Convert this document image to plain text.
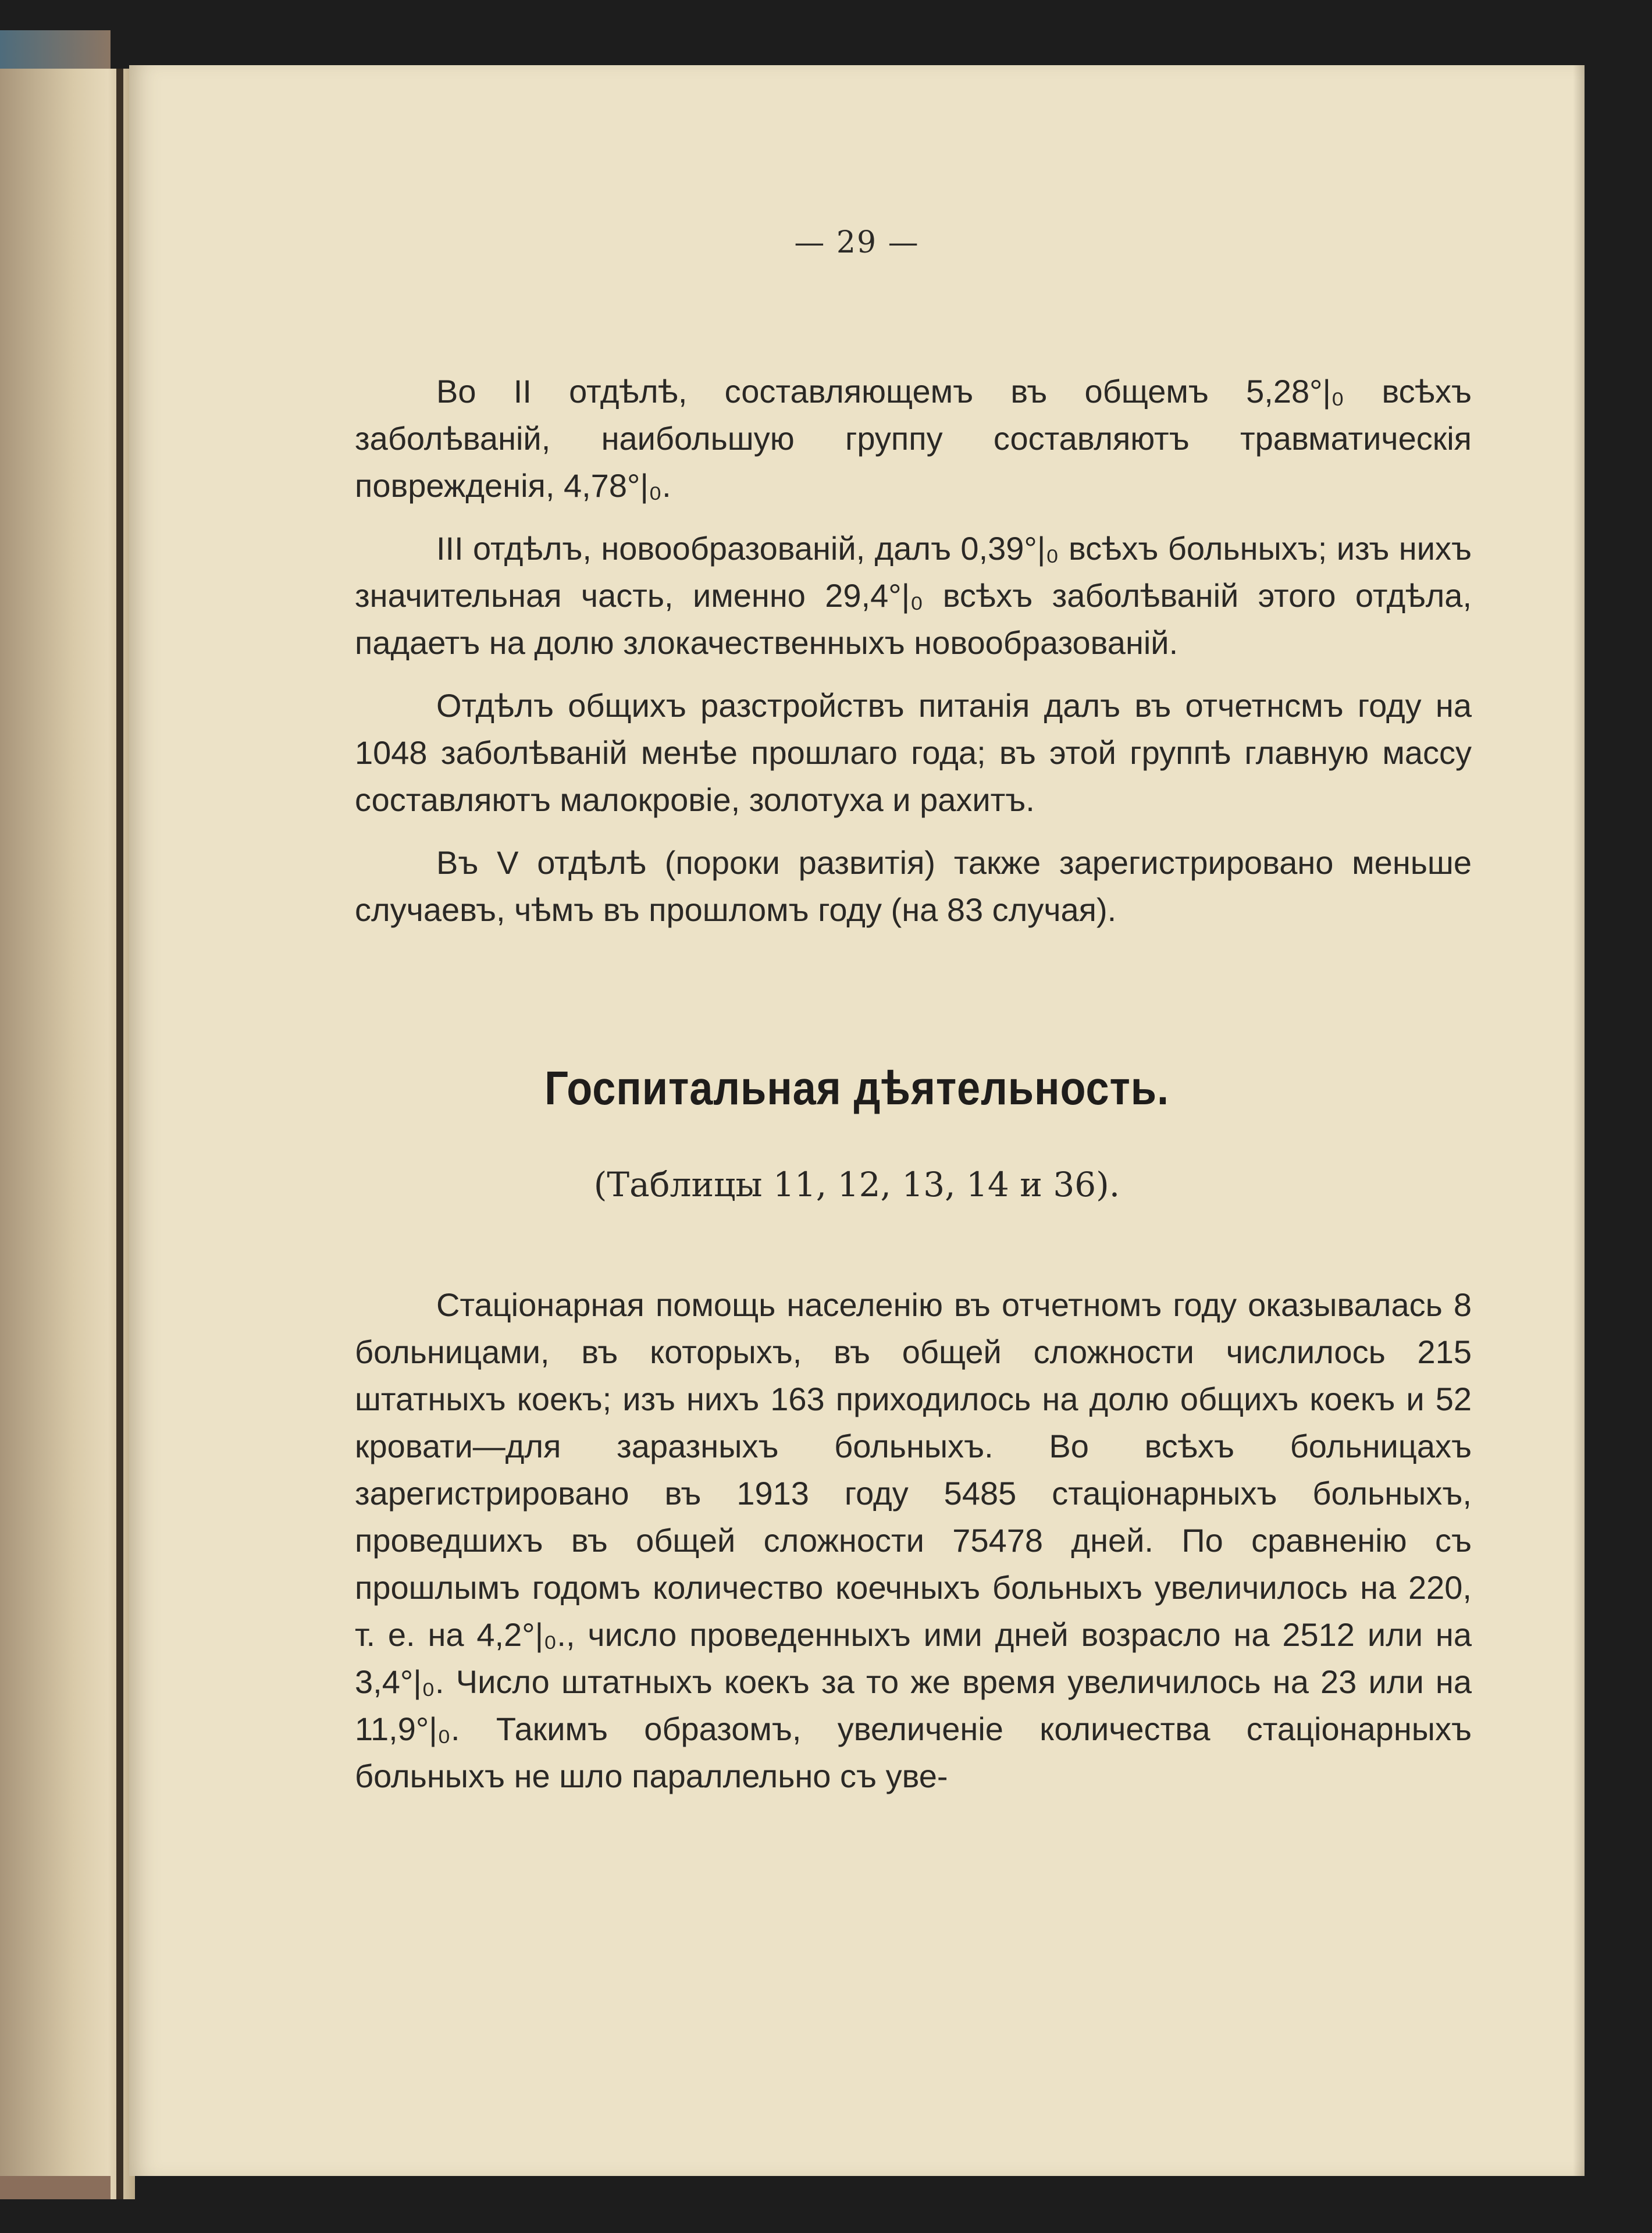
— 29 —

Во II отдѣлѣ, составляющемъ въ общемъ 5,28°|₀ всѣхъ заболѣваній, наибольшую группу составляютъ травматическія поврежденія, 4,78°|₀.

III отдѣлъ, новообразованій, далъ 0,39°|₀ всѣхъ больныхъ; изъ нихъ значительная часть, именно 29,4°|₀ всѣхъ заболѣваній этого отдѣла, падаетъ на долю злокачественныхъ новообразованій.

Отдѣлъ общихъ разстройствъ питанія далъ въ отчетнсмъ году на 1048 заболѣваній менѣе прошлаго года; въ этой группѣ главную массу составляютъ малокровіе, золотуха и рахитъ.

Въ V отдѣлѣ (пороки развитія) также зарегистрировано меньше случаевъ, чѣмъ въ прошломъ году (на 83 случая).

Госпитальная дѣятельность.
(Таблицы 11, 12, 13, 14 и 36).

Стаціонарная помощь населенію въ отчетномъ году оказывалась 8 больницами, въ которыхъ, въ общей сложности числилось 215 штатныхъ коекъ; изъ нихъ 163 приходилось на долю общихъ коекъ и 52 кровати—для заразныхъ больныхъ. Во всѣхъ больницахъ зарегистрировано въ 1913 году 5485 стаціонарныхъ больныхъ, проведшихъ въ общей сложности 75478 дней. По сравненію съ прошлымъ годомъ количество коечныхъ больныхъ увеличилось на 220, т. е. на 4,2°|₀., число проведенныхъ ими дней возрасло на 2512 или на 3,4°|₀. Число штатныхъ коекъ за то же время увеличилось на 23 или на 11,9°|₀. Такимъ образомъ, увеличеніе количества стаціонарныхъ больныхъ не шло параллельно съ уве-
